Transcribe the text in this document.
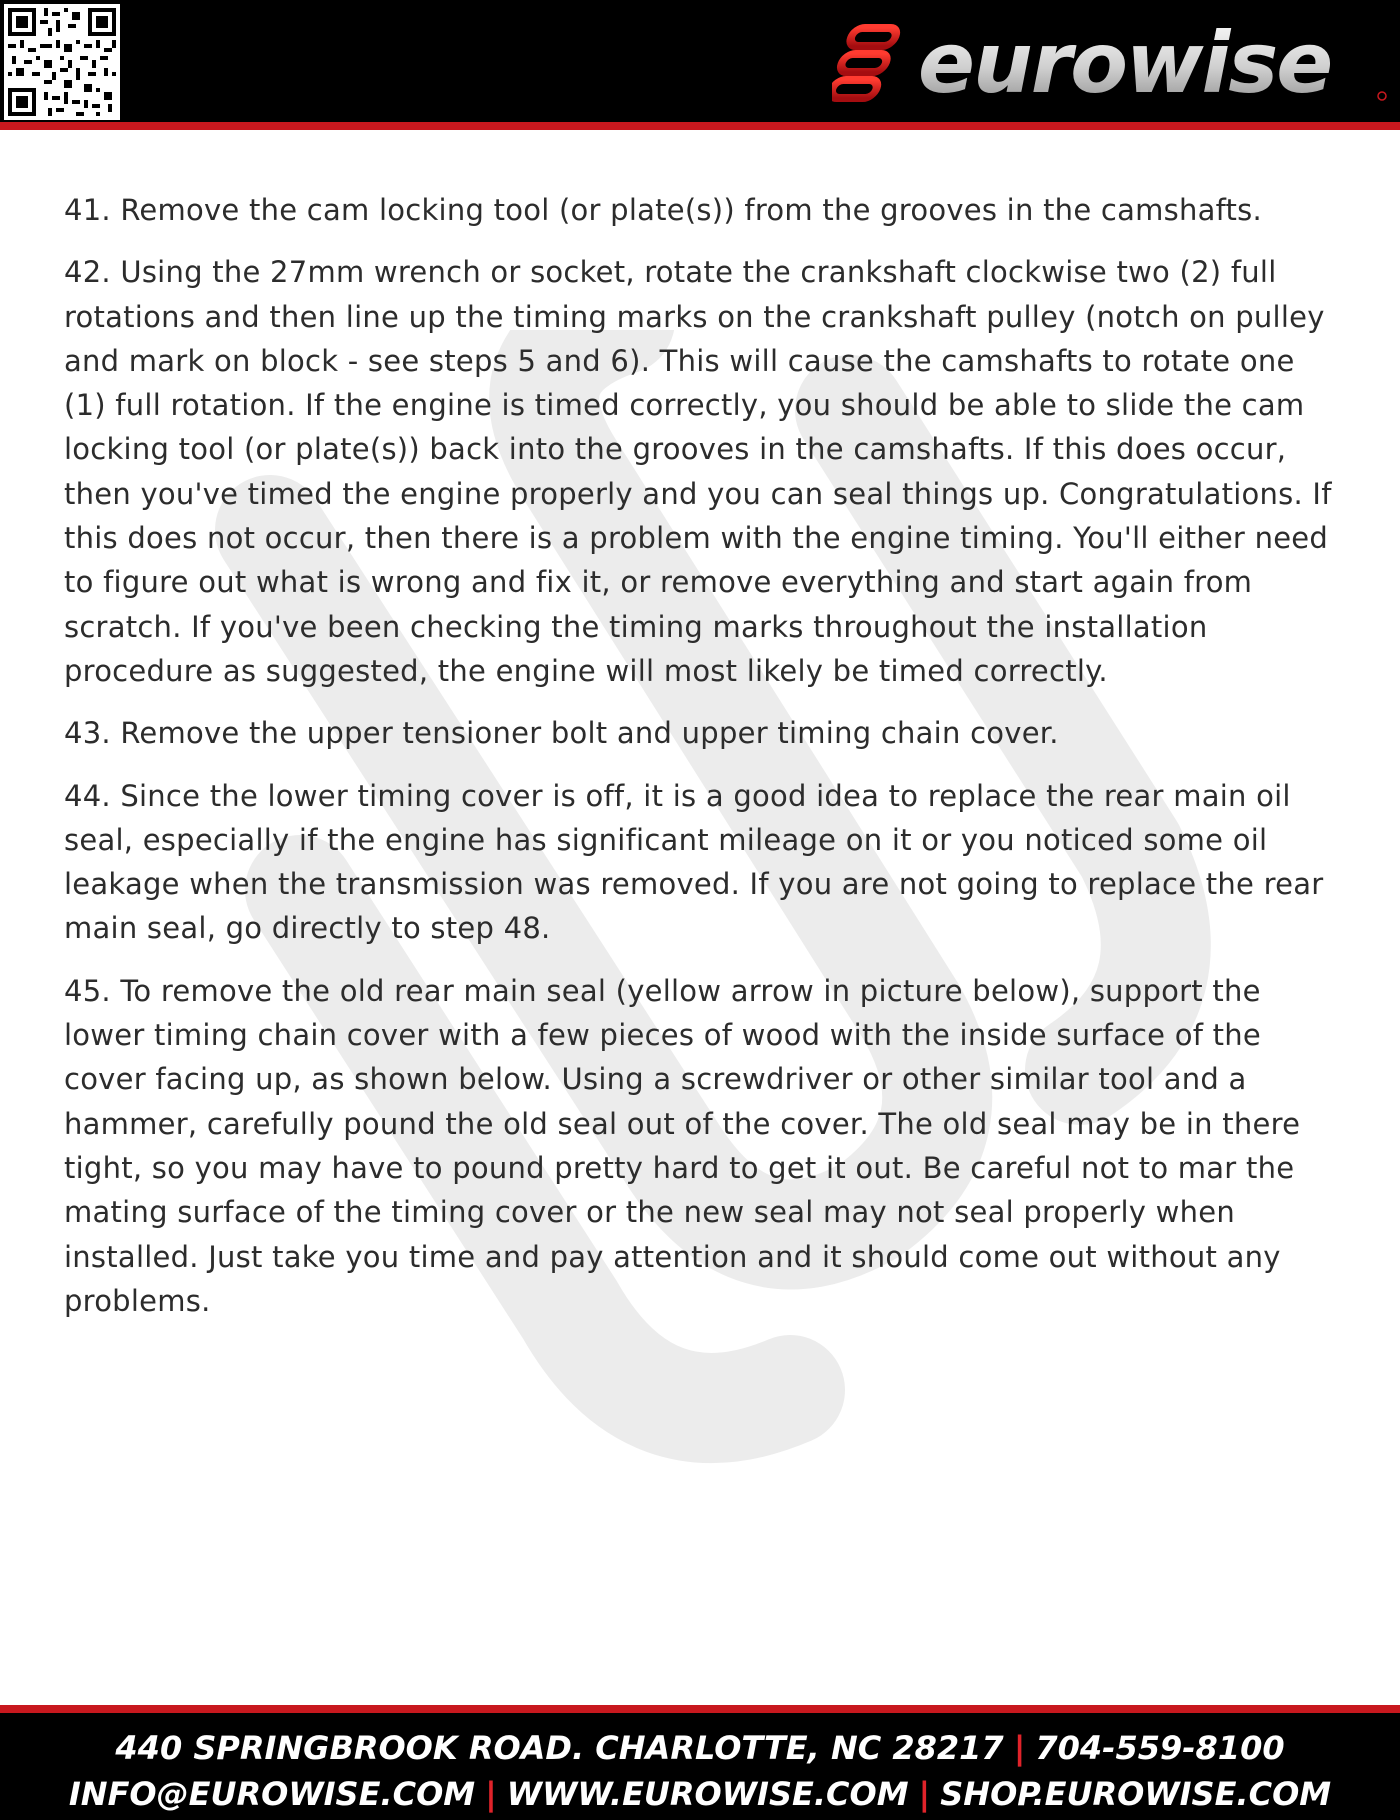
eurowise

41. Remove the cam locking tool (or plate(s)) from the grooves in the camshafts.

42. Using the 27mm wrench or socket, rotate the crankshaft clockwise two (2) full rotations and then line up the timing marks on the crankshaft pulley (notch on pulley and mark on block - see steps 5 and 6). This will cause the camshafts to rotate one (1) full rotation. If the engine is timed correctly, you should be able to slide the cam locking tool (or plate(s)) back into the grooves in the camshafts. If this does occur, then you've timed the engine properly and you can seal things up. Congratulations. If this does not occur, then there is a problem with the engine timing. You'll either need to figure out what is wrong and fix it, or remove everything and start again from scratch. If you've been checking the timing marks throughout the installation procedure as suggested, the engine will most likely be timed correctly.

43. Remove the upper tensioner bolt and upper timing chain cover.

44. Since the lower timing cover is off, it is a good idea to replace the rear main oil seal, especially if the engine has significant mileage on it or you noticed some oil leakage when the transmission was removed. If you are not going to replace the rear main seal, go directly to step 48.

45. To remove the old rear main seal (yellow arrow in picture below), support the lower timing chain cover with a few pieces of wood with the inside surface of the cover facing up, as shown below. Using a screwdriver or other similar tool and a hammer, carefully pound the old seal out of the cover. The old seal may be in there tight, so you may have to pound pretty hard to get it out. Be careful not to mar the mating surface of the timing cover or the new seal may not seal properly when installed. Just take you time and pay attention and it should come out without any problems.

440 SPRINGBROOK ROAD. CHARLOTTE, NC 28217 | 704-559-8100
INFO@EUROWISE.COM | WWW.EUROWISE.COM | SHOP.EUROWISE.COM
